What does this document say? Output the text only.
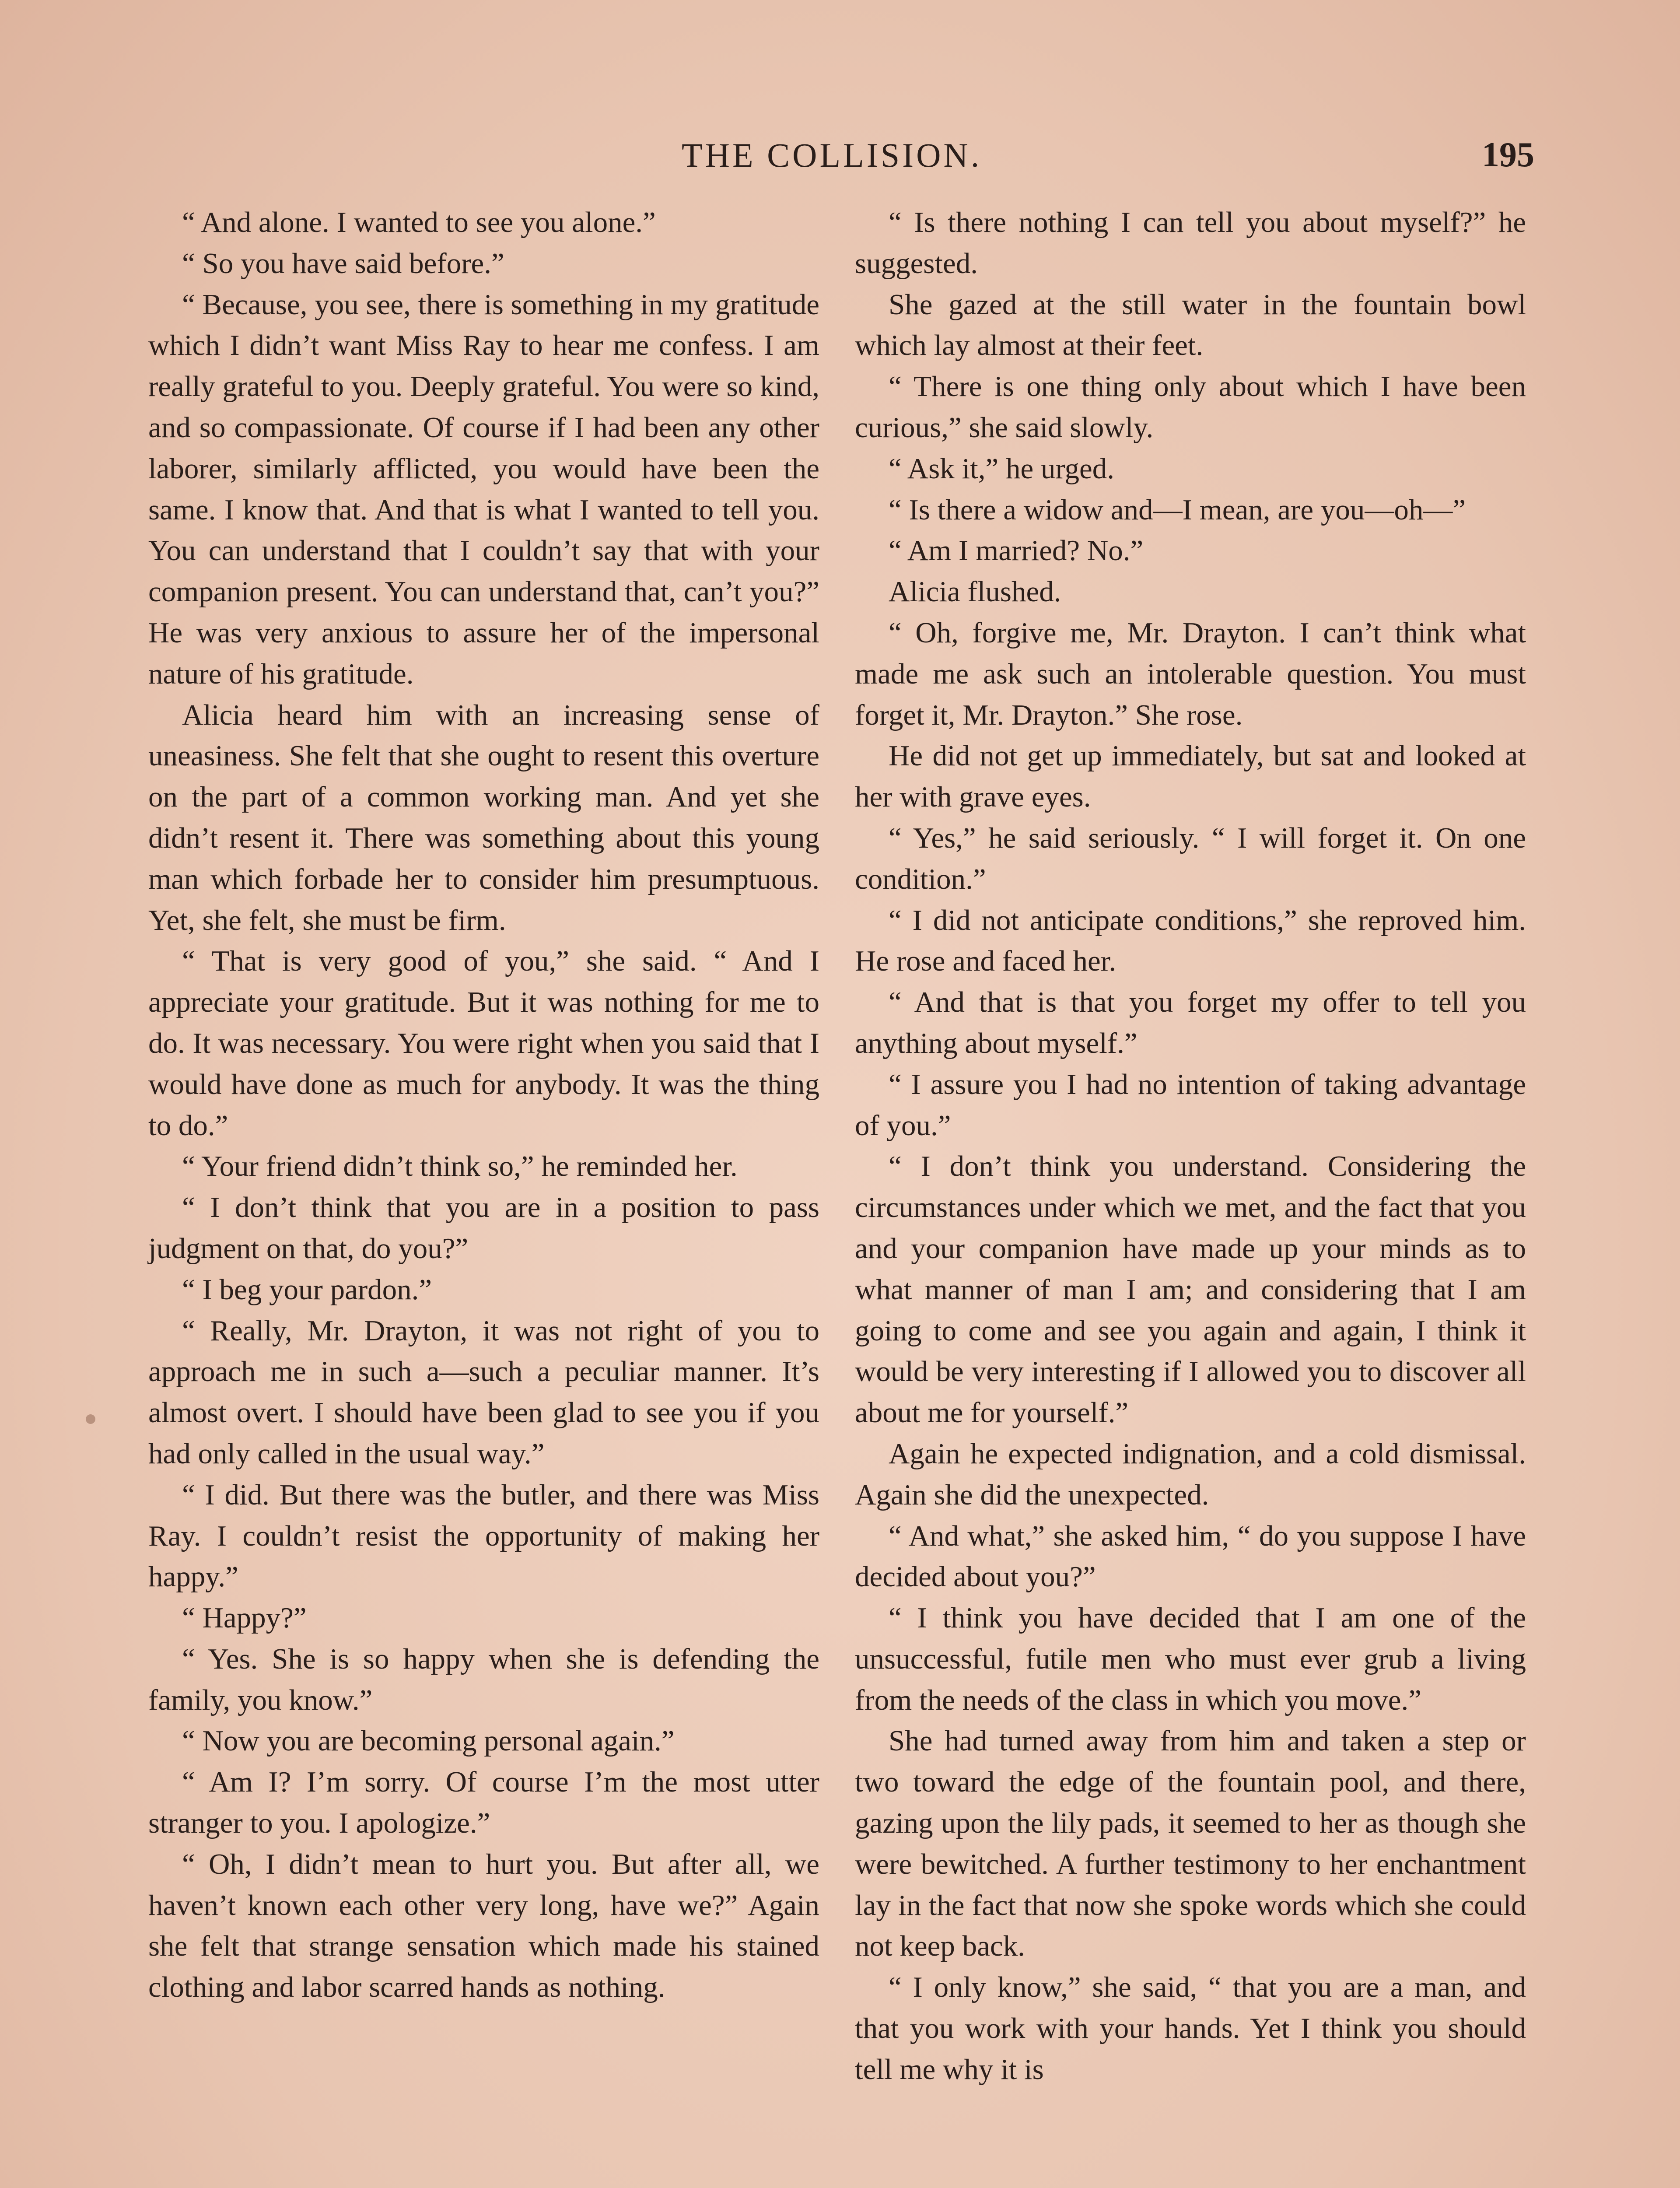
THE COLLISION.	195

“ And alone. I wanted to see you alone.”

“ So you have said before.”

“ Because, you see, there is something in my gratitude which I didn’t want Miss Ray to hear me confess. I am really grateful to you. Deeply grateful. You were so kind, and so compassionate. Of course if I had been any other laborer, similarly afflicted, you would have been the same. I know that. And that is what I wanted to tell you. You can understand that I couldn’t say that with your companion present. You can understand that, can’t you?” He was very anxious to assure her of the impersonal nature of his gratitude.

Alicia heard him with an increasing sense of uneasiness. She felt that she ought to resent this overture on the part of a common working man. And yet she didn’t resent it. There was something about this young man which forbade her to consider him presumptuous. Yet, she felt, she must be firm.

“ That is very good of you,” she said. “ And I appreciate your gratitude. But it was nothing for me to do. It was necessary. You were right when you said that I would have done as much for anybody. It was the thing to do.”

“ Your friend didn’t think so,” he reminded her.

“ I don’t think that you are in a position to pass judgment on that, do you?”

“ I beg your pardon.”

“ Really, Mr. Drayton, it was not right of you to approach me in such a—such a peculiar manner. It’s almost overt. I should have been glad to see you if you had only called in the usual way.”

“ I did. But there was the butler, and there was Miss Ray. I couldn’t resist the opportunity of making her happy.”

“ Happy?”

“ Yes. She is so happy when she is defending the family, you know.”

“ Now you are becoming personal again.”

“ Am I? I’m sorry. Of course I’m the most utter stranger to you. I apologize.”

“ Oh, I didn’t mean to hurt you. But after all, we haven’t known each other very long, have we?” Again she felt that strange sensation which made his stained clothing and labor scarred hands as nothing.

“ Is there nothing I can tell you about myself?” he suggested.

She gazed at the still water in the fountain bowl which lay almost at their feet.

“ There is one thing only about which I have been curious,” she said slowly.

“ Ask it,” he urged.

“ Is there a widow and—I mean, are you—oh—”

“ Am I married? No.”

Alicia flushed.

“ Oh, forgive me, Mr. Drayton. I can’t think what made me ask such an intolerable question. You must forget it, Mr. Drayton.” She rose.

He did not get up immediately, but sat and looked at her with grave eyes.

“ Yes,” he said seriously. “ I will forget it. On one condition.”

“ I did not anticipate conditions,” she reproved him. He rose and faced her.

“ And that is that you forget my offer to tell you anything about myself.”

“ I assure you I had no intention of taking advantage of you.”

“ I don’t think you understand. Considering the circumstances under which we met, and the fact that you and your companion have made up your minds as to what manner of man I am; and considering that I am going to come and see you again and again, I think it would be very interesting if I allowed you to discover all about me for yourself.”

Again he expected indignation, and a cold dismissal. Again she did the unexpected.

“ And what,” she asked him, “ do you suppose I have decided about you?”

“ I think you have decided that I am one of the unsuccessful, futile men who must ever grub a living from the needs of the class in which you move.”

She had turned away from him and taken a step or two toward the edge of the fountain pool, and there, gazing upon the lily pads, it seemed to her as though she were bewitched. A further testimony to her enchantment lay in the fact that now she spoke words which she could not keep back.

“ I only know,” she said, “ that you are a man, and that you work with your hands. Yet I think you should tell me why it is
